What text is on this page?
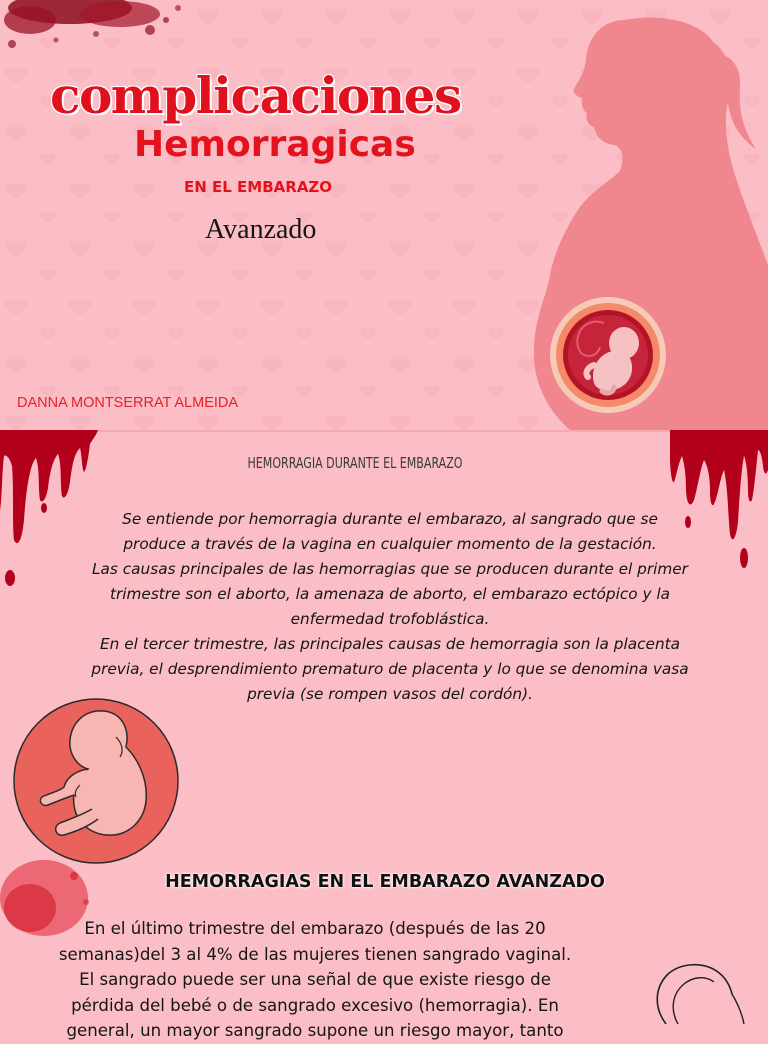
complicaciones
Hemorragicas
EN EL EMBARAZO
Avanzado
DANNA MONTSERRAT ALMEIDA
HEMORRAGIA DURANTE EL EMBARAZO

Se entiende por hemorragia durante el embarazo, al sangrado que se

produce a través de la vagina en cualquier momento de la gestación.

Las causas principales de las hemorragias que se producen durante el primer

trimestre son el aborto, la amenaza de aborto, el embarazo ectópico y la

enfermedad trofoblástica.

En el tercer trimestre, las principales causas de hemorragia son la placenta

previa, el desprendimiento prematuro de placenta y lo que se denomina vasa

previa (se rompen vasos del cordón).

HEMORRAGIAS EN EL EMBARAZO AVANZADO

En el último trimestre del embarazo (después de las 20

semanas)del 3 al 4% de las mujeres tienen sangrado vaginal.

El sangrado puede ser una señal de que existe riesgo de

pérdida del bebé o de sangrado excesivo (hemorragia). En

general, un mayor sangrado supone un riesgo mayor, tanto
